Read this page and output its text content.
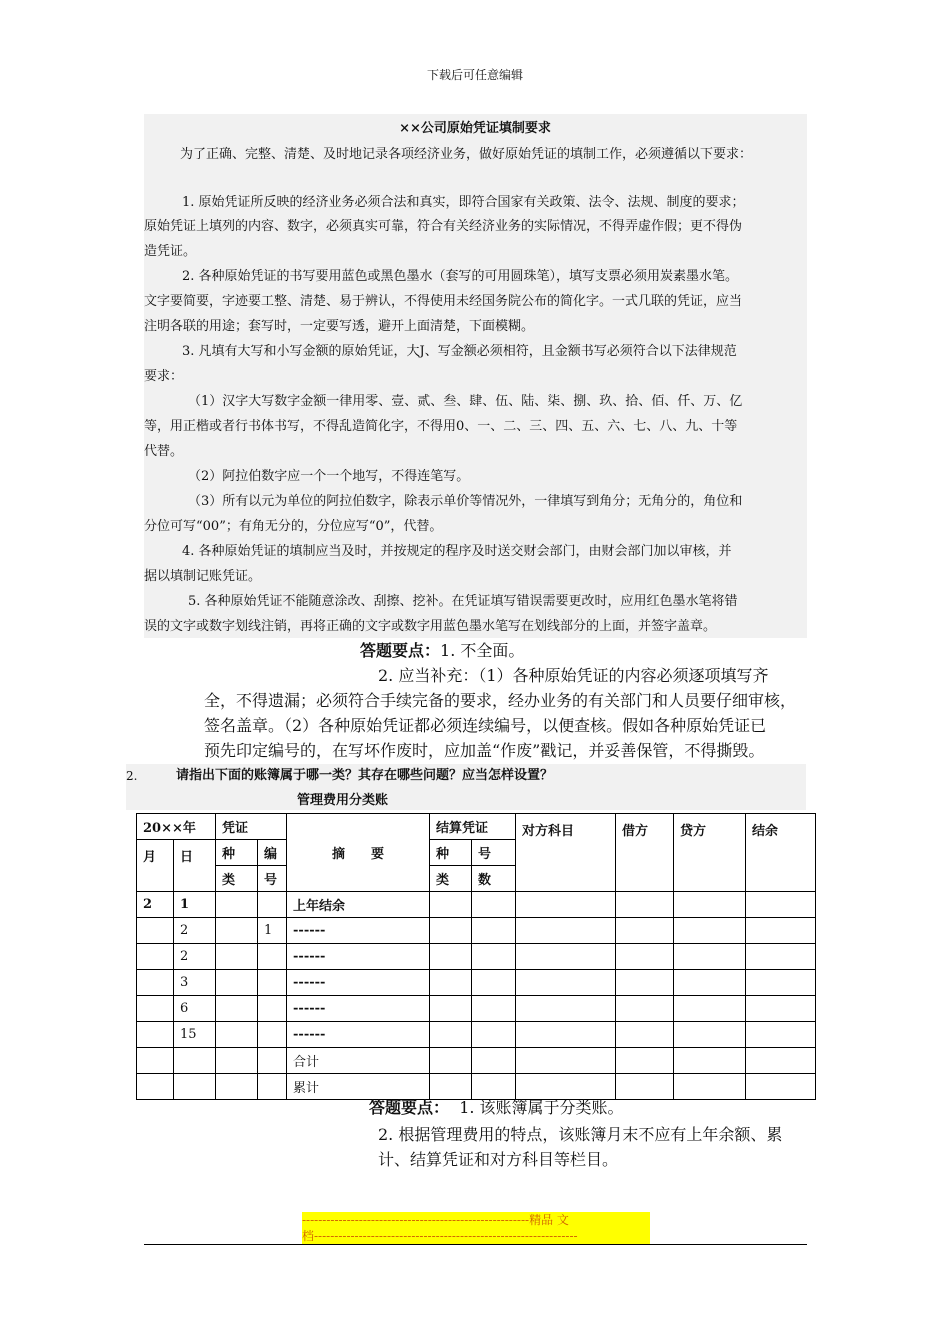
下载后可任意编辑
××公司原始凭证填制要求
为了正确、完整、清楚、及时地记录各项经济业务，做好原始凭证的填制工作，必须遵循以下要求：
1. 原始凭证所反映的经济业务必须合法和真实，即符合国家有关政策、法令、法规、制度的要求；
原始凭证上填列的内容、数字，必须真实可靠，符合有关经济业务的实际情况，不得弄虚作假；更不得伪
造凭证。
2. 各种原始凭证的书写要用蓝色或黑色墨水（套写的可用圆珠笔），填写支票必须用炭素墨水笔。
文字要简要，字迹要工整、清楚、易于辨认，不得使用未经国务院公布的简化字。一式几联的凭证，应当
注明各联的用途；套写时，一定要写透，避开上面清楚，下面模糊。
3. 凡填有大写和小写金额的原始凭证，大J、写金额必须相符，且金额书写必须符合以下法律规范
要求：
（1）汉字大写数字金额一律用零、壹、贰、叁、肆、伍、陆、柒、捌、玖、拾、佰、仟、万、亿
等，用正楷或者行书体书写，不得乱造简化字，不得用0、一、二、三、四、五、六、七、八、九、十等
代替。
（2）阿拉伯数字应一个一个地写，不得连笔写。
（3）所有以元为单位的阿拉伯数字，除表示单价等情况外，一律填写到角分；无角分的，角位和
分位可写“00”；有角无分的，分位应写“0”，代替。
4. 各种原始凭证的填制应当及时，并按规定的程序及时送交财会部门，由财会部门加以审核，并
据以填制记账凭证。
5. 各种原始凭证不能随意涂改、刮擦、挖补。在凭证填写错误需要更改时，应用红色墨水笔将错
误的文字或数字划线注销，再将正确的文字或数字用蓝色墨水笔写在划线部分的上面，并签字盖章。
答题要点：1. 不全面。
2. 应当补充：（1）各种原始凭证的内容必须逐项填写齐
全，不得遗漏；必须符合手续完备的要求，经办业务的有关部门和人员要仔细审核，
签名盖章。（2）各种原始凭证都必须连续编号，以便查核。假如各种原始凭证已
预先印定编号的，在写坏作废时，应加盖“作废”戳记，并妥善保管，不得撕毁。
2.	请指出下面的账簿属于哪一类？其存在哪些问题？应当怎样设置？
管理费用分类账
20××年		凭证		摘　　要	结算凭证		对方科目	借方	贷方	结余
月	日	种	编		种	号				
		类	号		类	数				
2	1			上年结余						
	2		1	------						
	2			------						
	3			------						
	6			------						
	15			------						
				合计						
				累计						
答题要点： 1. 该账簿属于分类账。
2. 根据管理费用的特点，该账簿月末不应有上年余额、累
计、结算凭证和对方科目等栏目。
--------------------------------------------------------精品 文
档-----------------------------------------------------------------
